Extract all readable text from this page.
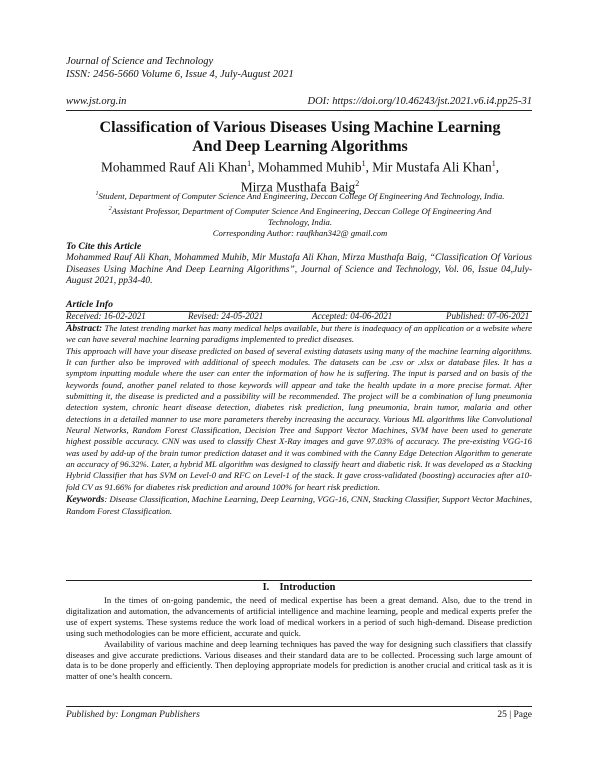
Journal of Science and Technology
ISSN: 2456-5660 Volume 6, Issue 4, July-August 2021
www.jst.org.in	DOI: https://doi.org/10.46243/jst.2021.v6.i4.pp25-31
Classification of Various Diseases Using Machine Learning And Deep Learning Algorithms
Mohammed Rauf Ali Khan$^1$, Mohammed Muhib$^1$, Mir Mustafa Ali Khan$^1$,
Mirza Musthafa Baig$^2$
$^1$Student, Department of Computer Science And Engineering, Deccan College Of Engineering And Technology, India.
$^2$Assistant Professor, Department of Computer Science And Engineering, Deccan College Of Engineering And Technology, India.
Corresponding Author: raufkhan342@ gmail.com
To Cite this Article
Mohammed Rauf Ali Khan, Mohammed Muhib, Mir Mustafa Ali Khan, Mirza Musthafa Baig, “Classification Of Various Diseases Using Machine And Deep Learning Algorithms”, Journal of Science and Technology, Vol. 06, Issue 04,July-August 2021, pp34-40.
Article Info
Received: 16-02-2021	Revised: 24-05-2021	Accepted: 04-06-2021	Published: 07-06-2021

Abstract: The latest trending market has many medical helps available, but there is inadequacy of an application or a website where we can have several machine learning paradigms implemented to predict diseases.

This approach will have your disease predicted on based of several existing datasets using many of the machine learning algorithms. It can further also be improved with additional of speech modules. The datasets can be .csv or .xlsx or database files. It has a symptom inputting module where the user can enter the information of how he is suffering. The input is parsed and on basis of the keywords found, another panel related to those keywords will appear and take the health update in a more precise format. After submitting it, the disease is predicted and a possibility will be recommended. The project will be a combination of lung pneumonia detection system, chronic heart disease detection, diabetes risk prediction, lung pneumonia, brain tumor, malaria and other detections in a detailed manner to use more parameters thereby increasing the accuracy. Various ML algorithms like Convolutional Neural Networks, Random Forest Classification, Decision Tree and Support Vector Machines, SVM have been used to generate highest possible accuracy. CNN was used to classify Chest X-Ray images and gave 97.03% of accuracy. The pre-existing VGG-16 was used by add-up of the brain tumor prediction dataset and it was combined with the Canny Edge Detection Algorithm to generate an accuracy of 96.32%. Later, a hybrid ML algorithm was designed to classify heart and diabetic risk. It was developed as a Stacking Hybrid Classifier that has SVM on Level-0 and RFC on Level-1 of the stack. It gave cross-validated (boosting) accuracies after a10-fold CV as 91.66% for diabetes risk prediction and around 100% for heart risk prediction.

Keywords: Disease Classification, Machine Learning, Deep Learning, VGG-16, CNN, Stacking Classifier, Support Vector Machines, Random Forest Classification.

I.    Introduction

In the times of on-going pandemic, the need of medical expertise has been a great demand. Also, due to the trend in digitalization and automation, the advancements of artificial intelligence and machine learning, people and medical experts prefer the use of expert systems. These systems reduce the work load of medical workers in a period of such high-demand. Disease prediction using such methodologies can be more efficient, accurate and quick.

Availability of various machine and deep learning techniques has paved the way for designing such classifiers that classify diseases and give accurate predictions. Various diseases and their standard data are to be collected. Processing such large amount of data is to be done properly and efficiently. Then deploying appropriate models for prediction is another crucial and critical task as it is matter of one’s health concern.

Published by: Longman Publishers	25 | Page
